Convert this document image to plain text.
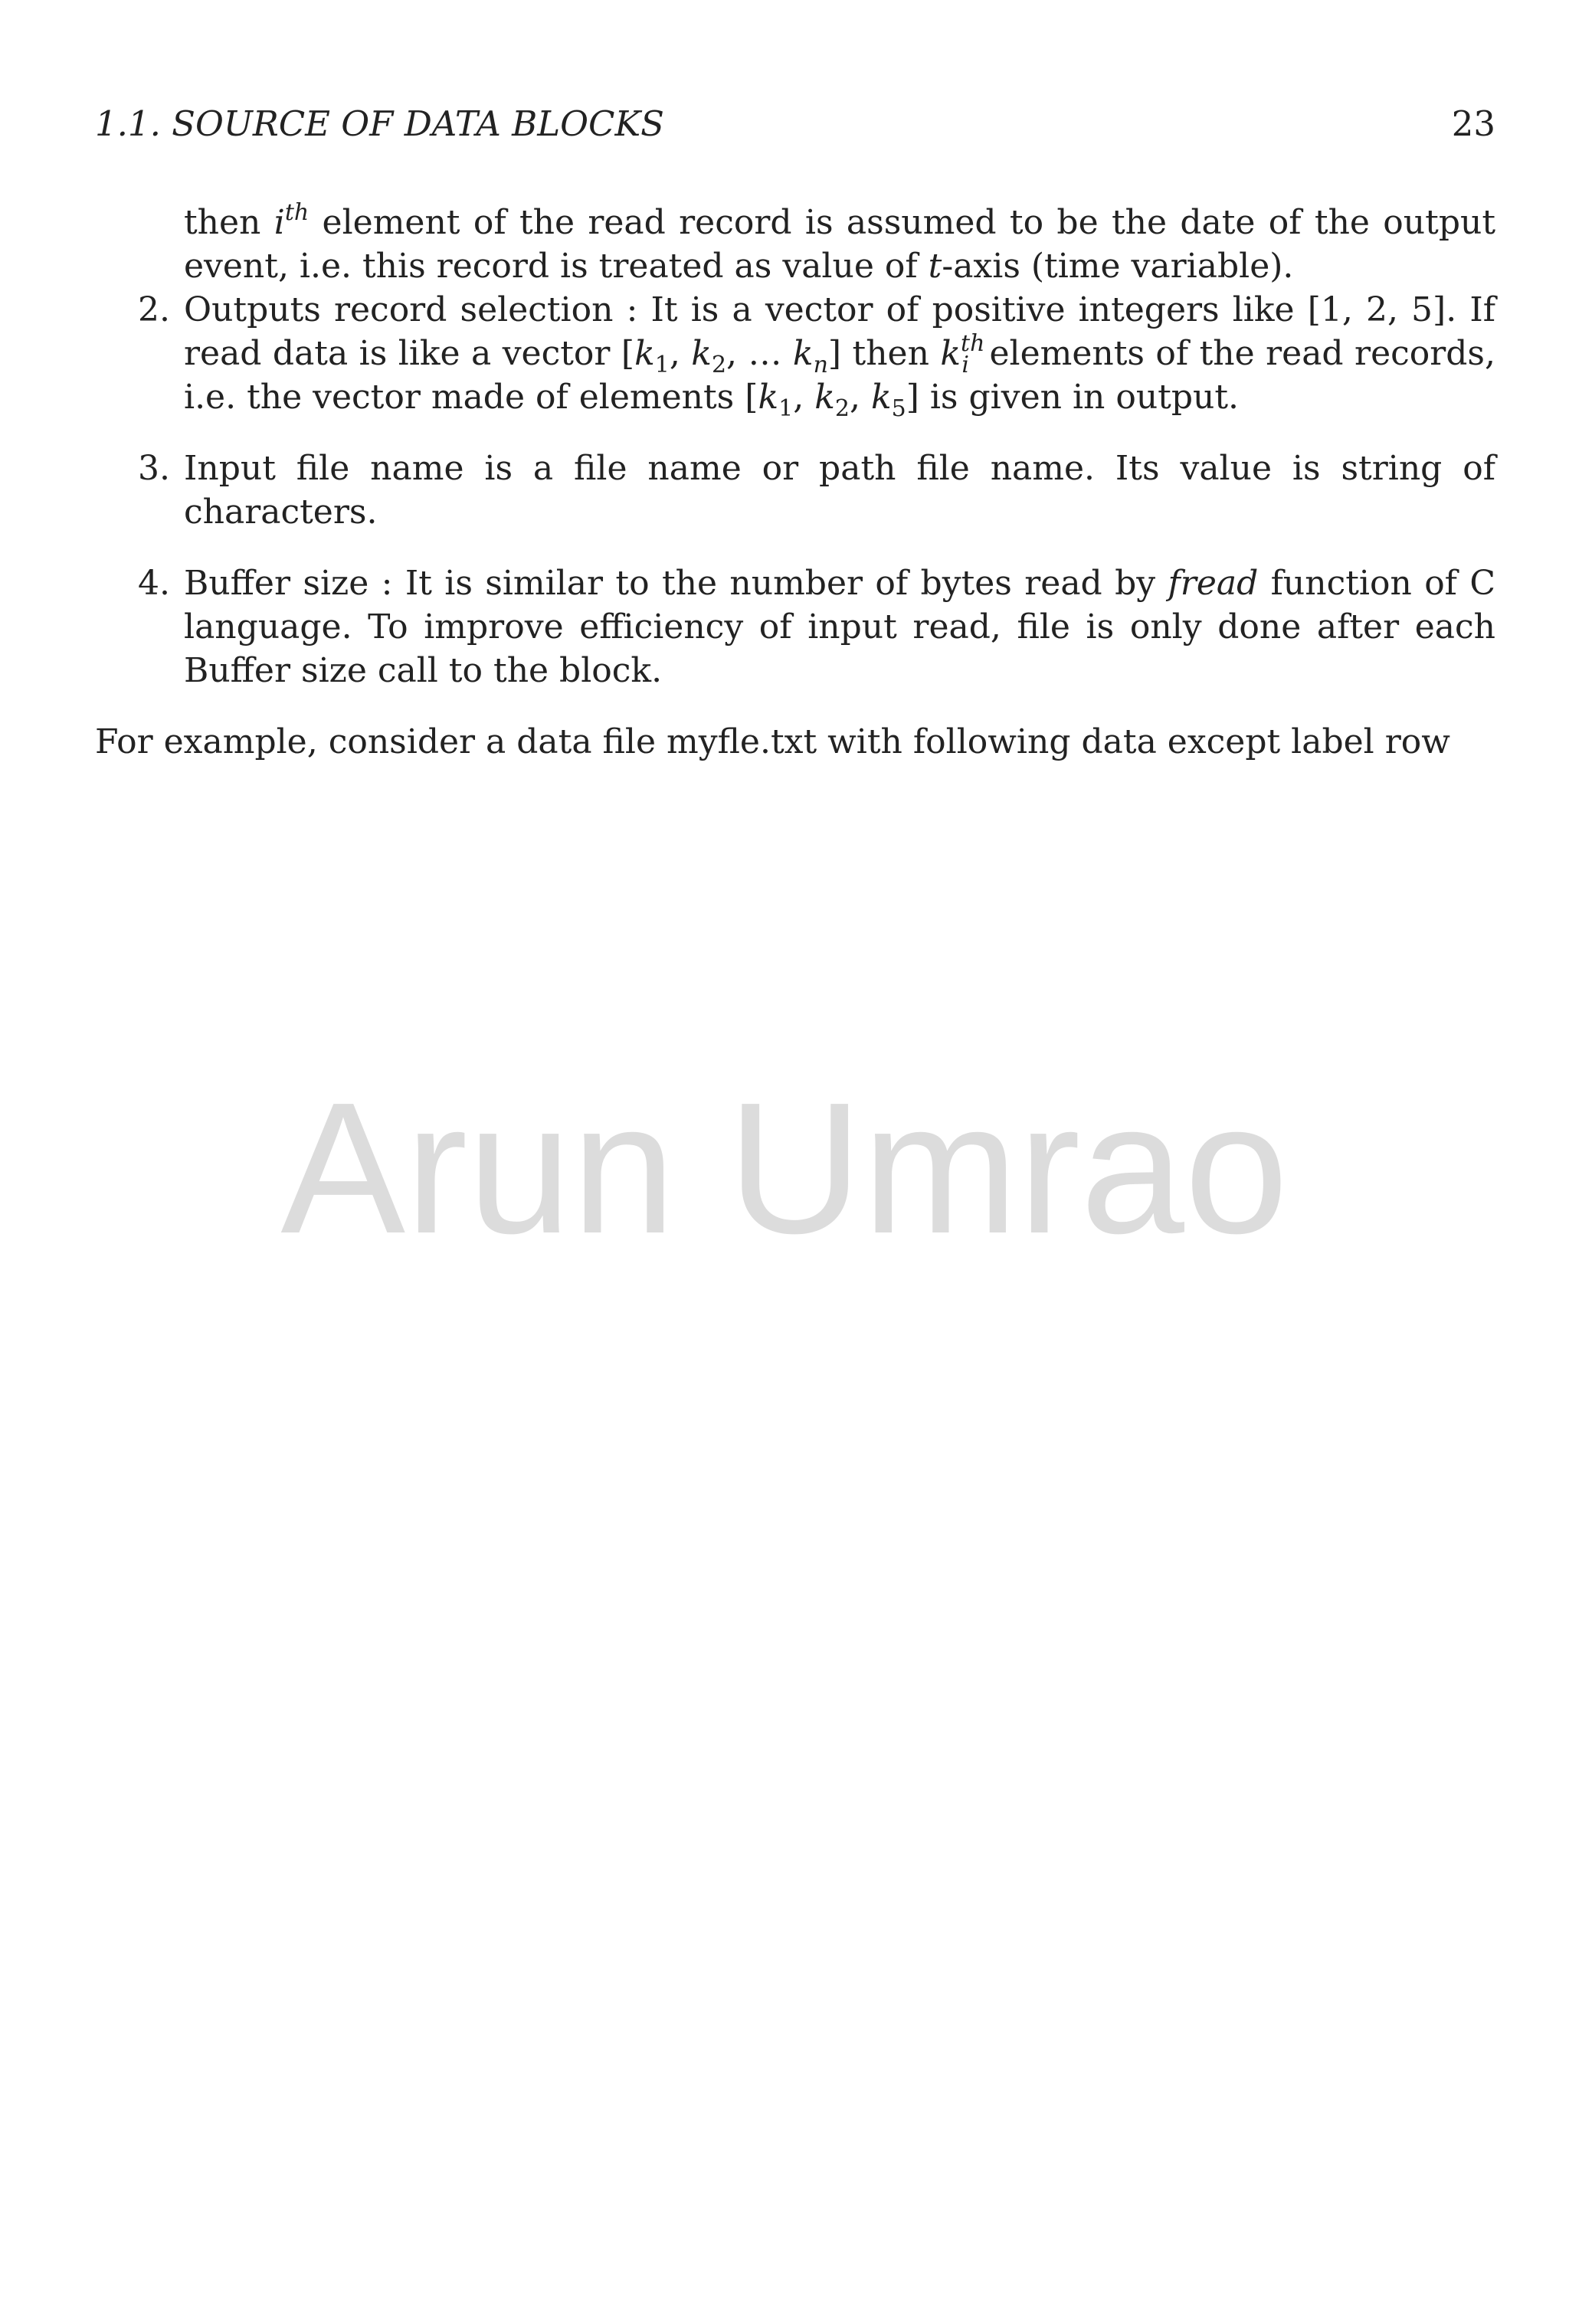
1.1. SOURCE OF DATA BLOCKS	23

then $i^{th}$ element of the read record is assumed to be the date of the output event, i.e. this record is treated as value of t-axis (time variable).

2. Outputs record selection : It is a vector of positive integers like [1, 2, 5]. If read data is like a vector [$k_1$, $k_2$, … $k_n$] then $k^{th}_i$ elements of the read records, i.e. the vector made of elements [$k_1$, $k_2$, $k_5$] is given in output.

3. Input file name is a file name or path file name. Its value is string of characters.

4. Buffer size : It is similar to the number of bytes read by fread function of C language. To improve efficiency of input read, file is only done after each Buffer size call to the block.

For example, consider a data file myfle.txt with following data except label row

Arun Umrao
